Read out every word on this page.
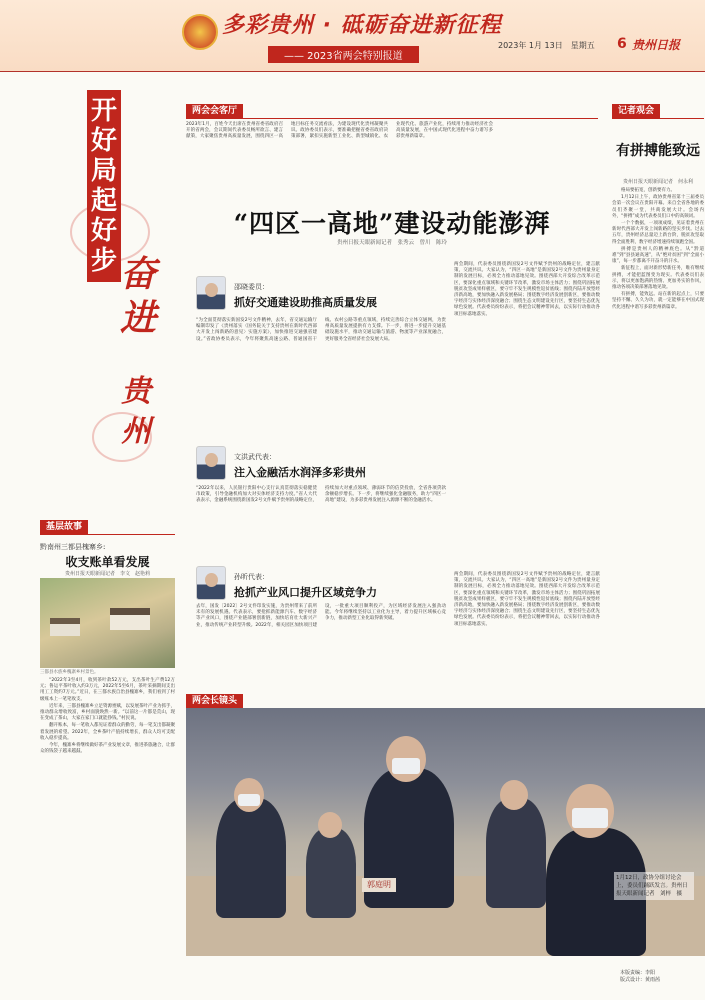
多彩贵州 · 砥砺奋进新征程
—— 2023省两会特别报道
2023年 1月 13日　星期五 6 贵州日报
开好局起好步 奋进
贵州
基层故事
黔南州三都县槐寨乡:
收支账单看发展
贵州日报天眼新闻记者　李文　赵艳莉
三都县水族乡槐寨乡村景色。

“2022年3至4月，收到茶叶款52万元，支出茶叶生产费12万元；鲁运平茶叶收入约3万元，2022年5至6月，茶叶采摘期间支出用工工资约7万元。”近日，在三都水族自治县槐寨乡，我们看到了村级账本上一笔笔收支。

近年来，三都县槐寨乡立足资源禀赋，以发展茶叶产业为抓手，推动群众增收致富，乡村面貌焕然一新。“以前这一片都是荒山，现在变成了茶山，大家在家门口就能挣钱。”村民说。

翻开账本，每一笔收入都见证着群众的勤劳，每一笔支出都凝聚着发展的希望。2022年，全乡茶叶产值持续增长，群众人均可支配收入稳步提高。

今年，槐寨乡将继续做好茶产业发展文章，推进茶旅融合，让群众的钱袋子越来越鼓。

两会会客厅
2023年1月，百姓今天出席在贵州省委省政府召开的省两会，会议期间代表委员畅所欲言、建言献策，大家聚焦贵州高质量发展，围绕四区一高地目标任务交流看法，为建设现代化贵州凝聚共识。政协委员们表示，要准确把握省委省政府决策部署，紧扣实施新型工业化、新型城镇化、农业现代化、旅游产业化，持续用力推动经济社会高质量发展，在中国式现代化进程中奋力谱写多彩贵州新篇章。
“四区一高地”建设动能澎湃
贵州日报天眼新闻记者　张秀云　曾川　陈玲
两会期间，代表委员围绕新国发2号文件赋予贵州的战略定位，建言献策，交流共识。大家认为，“四区一高地”是新国发2号文件为贵州量身定制的发展目标，必须全力推动落地见效。围绕西部大开发综合改革示范区，要深化重点领域和关键环节改革，激发市场主体活力；围绕巩固拓展脱贫攻坚成果样板区，要守牢不发生规模性返贫底线；围绕内陆开放型经济新高地，要加快融入新发展格局；围绕数字经济发展创新区，要推动数字经济与实体经济深度融合；围绕生态文明建设先行区，要坚持生态优先绿色发展。代表委员纷纷表示，将把会议精神带回去，以实际行动推动各项目标落地落实。
邵晓委员：
抓好交通建设助推高质量发展
“为全面贯彻落实新国发2号文件精神，去年，省交通运输厅编制印发了《贵州落实〈国务院关于支持贵州在新时代西部大开发上闯新路的意见〉实施方案》，加快推进交通强省建设。”省政协委员表示，今年将聚焦高速公路、普通国省干线、农村公路等重点领域，持续完善综合立体交通网，为贵州高质量发展提供有力支撑。下一步，将进一步提升交通基础设施水平，推动交通运输与旅游、物流等产业深度融合，更好服务全省经济社会发展大局。
文洪武代表：
注入金融活水润泽多彩贵州
“2022年以来，人民银行贵阳中心支行认真贯彻落实稳健货币政策，引导金融机构加大对实体经济支持力度。”省人大代表表示，金融系统围绕新国发2号文件赋予贵州的战略定位，持续加大对重点领域、薄弱环节的信贷投放，全省各项贷款余额稳步增长。下一步，将继续强化金融服务，助力“四区一高地”建设，为多彩贵州发展注入源源不断的金融活水。
孙昕代表：
抢抓产业风口提升区域竞争力
去年，国发〔2022〕2号文件印发实施，为贵州带来了前所未有的发展机遇。代表表示，要抢抓新能源汽车、数字经济等产业风口，围绕产业链部署创新链，加快培育壮大新兴产业，推动传统产业转型升级。2022年，相关园区加快项目建设，一批重大项目顺利投产，为区域经济发展注入强劲动能。今年将继续坚持以工业化为主导，着力提升区域核心竞争力，推动新型工业化取得新突破。
两会期间，代表委员围绕新国发2号文件赋予贵州的战略定位，建言献策，交流共识。大家认为，“四区一高地”是新国发2号文件为贵州量身定制的发展目标，必须全力推动落地见效。围绕西部大开发综合改革示范区，要深化重点领域和关键环节改革，激发市场主体活力；围绕巩固拓展脱贫攻坚成果样板区，要守牢不发生规模性返贫底线；围绕内陆开放型经济新高地，要加快融入新发展格局；围绕数字经济发展创新区，要推动数字经济与实体经济深度融合；围绕生态文明建设先行区，要坚持生态优先绿色发展。代表委员纷纷表示，将把会议精神带回去，以实际行动推动各项目标落地落实。
记者观会
有拼搏能致远
贵州日报天眼新闻记者　何永利

格局要拓宽，创新要有力。

1月12日上午，政协贵州省第十三届委员会第一次会议在贵阳开幕。来自全省各地的委员们齐聚一堂，共商发展大计。会场内外，“拼搏”成为代表委员们口中的高频词。

一个个数据，一项项成绩，见证着贵州在新时代西部大开发上闯新路的坚实步伐。过去五年，贵州经济总量迈上新台阶，脱贫攻坚取得全面胜利，数字经济增速持续领跑全国。

拼搏是贵州人的精神底色。从“黔道难”到“县县通高速”，从“绝对贫困”到“全面小康”，每一步都离不开奋斗的汗水。

新征程上，面对新形势新任务，唯有继续拼搏，才能把蓝图变为现实。代表委员们表示，将以更加饱满的热情、更加务实的作风，推动各项决策部署落地见效。

有拼搏，能致远。站在新的起点上，只要坚持不懈、久久为功，就一定能够在中国式现代化进程中谱写多彩贵州新篇章。

两会长镜头
郭庭明
1月12日，政协分组讨论会上，委员们踊跃发言。贵州日报天眼新闻记者　刘梓　摄
本版责编：李阳
版式设计：黄雨茜
